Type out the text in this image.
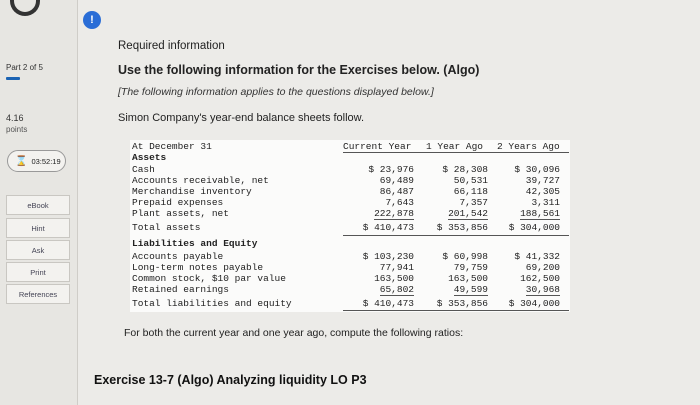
Part 2 of 5
4.16
points
⌛ 03:52:19
eBook
Hint
Ask
Print
References
!
Required information
Use the following information for the Exercises below. (Algo)
[The following information applies to the questions displayed below.]
Simon Company's year-end balance sheets follow.
For both the current year and one year ago, compute the following ratios:
Exercise 13-7 (Algo) Analyzing liquidity LO P3
At December 31	Current Year 1 Year Ago 2 Years Ago
Assets
Cash	$ 23,976	$ 28,308	$ 30,096
Accounts receivable, net	69,489	50,531	39,727
Merchandise inventory	86,487	66,118	42,305
Prepaid expenses	7,643	7,357	3,311
Plant assets, net	222,878	201,542	188,561
Total assets	$ 410,473 $ 353,856 $ 304,000
Liabilities and Equity
Accounts payable	$ 103,230	$ 60,998	$ 41,332
Long-term notes payable	77,941	79,759	69,200
Common stock, $10 par value	163,500	163,500	162,500
Retained earnings	65,802	49,599	30,968
Total liabilities and equity	$ 410,473 $ 353,856 $ 304,000
